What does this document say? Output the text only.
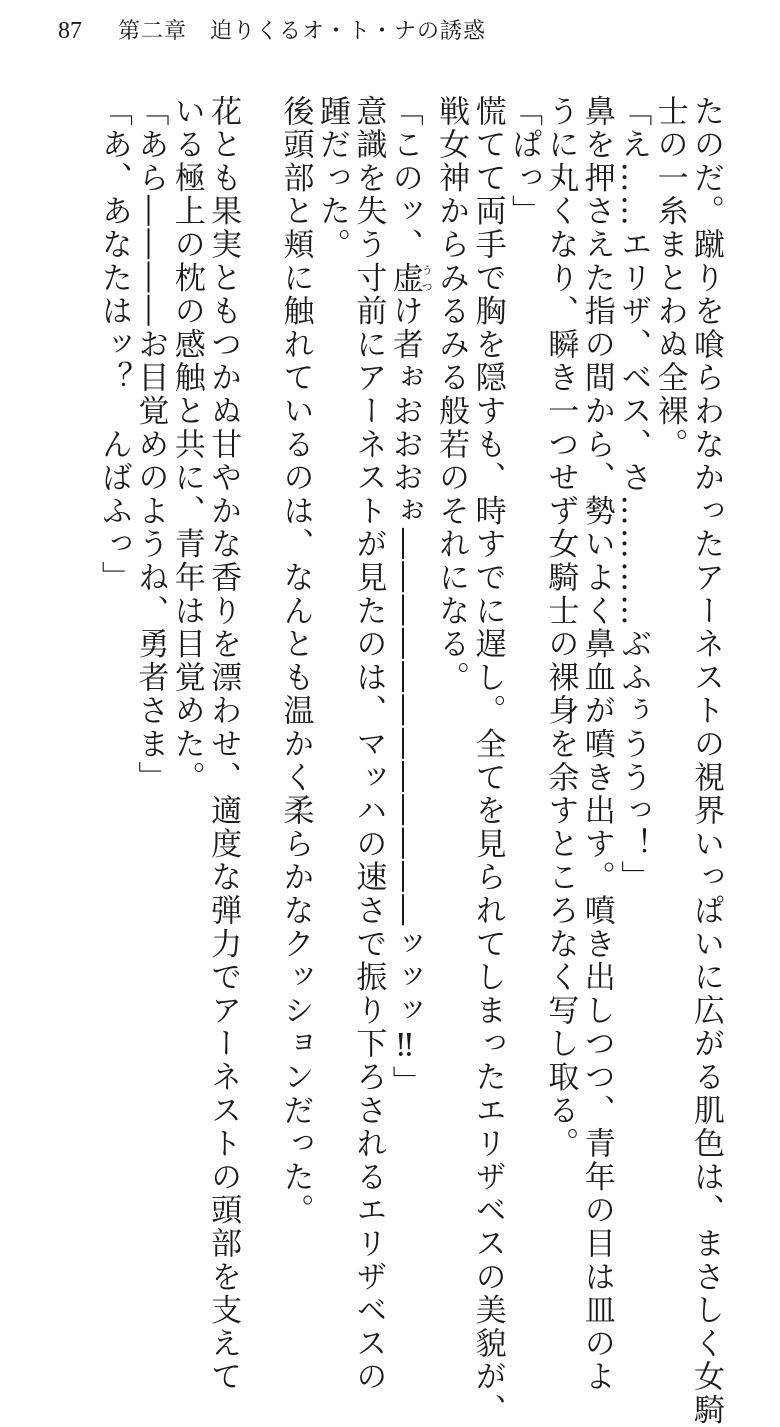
87 第二章　迫りくるオ・ト・ナの誘惑
たのだ。蹴りを喰らわなかったアーネストの視界いっぱいに広がる肌色は、まさしく女騎
士の一糸まとわぬ全裸。
「え……エリザ、ベス、さ…………ぶふぅううっ！」
鼻を押さえた指の間から、勢いよく鼻血が噴き出す。噴き出しつつ、青年の目は皿のよ
うに丸くなり、瞬き一つせず女騎士の裸身を余すところなく写し取る。
「ぱっ」
慌てて両手で胸を隠すも、時すでに遅し。全てを見られてしまったエリザベスの美貌が、
戦女神からみるみる般若のそれになる。
「このッ、虚うつけ者ぉおおおぉ――――――――――――ッッッ‼」
意識を失う寸前にアーネストが見たのは、マッハの速さで振り下ろされるエリザベスの
踵だった。
後頭部と頬に触れているのは、なんとも温かく柔らかなクッションだった。
花とも果実ともつかぬ甘やかな香りを漂わせ、適度な弾力でアーネストの頭部を支えて
いる極上の枕の感触と共に、青年は目覚めた。
「あら――――お目覚めのようね、勇者さま」
「あ、あなたはッ？　んばふっ」
